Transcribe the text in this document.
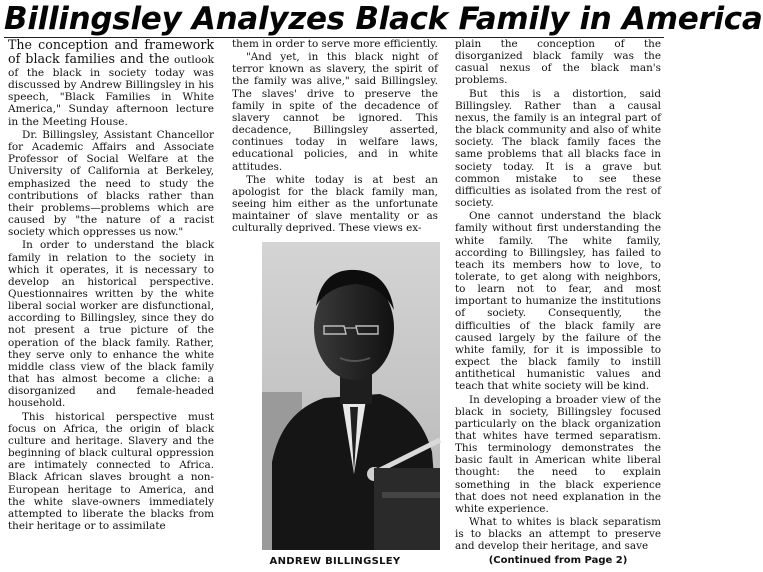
Billingsley Analyzes Black Family in America

The conception and framework of black families and the outlook of the black in society today was discussed by Andrew Billingsley in his speech, "Black Families in White America," Sunday afternoon lecture in the Meeting House.

Dr. Billingsley, Assistant Chancellor for Academic Affairs and Associate Professor of Social Welfare at the University of California at Berkeley, emphasized the need to study the contributions of blacks rather than their problems—problems which are caused by "the nature of a racist society which oppresses us now."

In order to understand the black family in relation to the society in which it operates, it is necessary to develop an historical perspective. Questionnaires written by the white liberal social worker are disfunctional, according to Billingsley, since they do not present a true picture of the operation of the black family. Rather, they serve only to enhance the white middle class view of the black family that has almost become a cliche: a disorganized and female-headed household.

This historical perspective must focus on Africa, the origin of black culture and heritage. Slavery and the beginning of black cultural oppression are intimately connected to Africa. Black African slaves brought a non-European heritage to America, and the white slave-owners immediately attempted to liberate the blacks from their heritage or to assimilate

them in order to serve more efficiently.

"And yet, in this black night of terror known as slavery, the spirit of the family was alive," said Billingsley. The slaves' drive to preserve the family in spite of the decadence of slavery cannot be ignored. This decadence, Billingsley asserted, continues today in welfare laws, educational policies, and in white attitudes.

The white today is at best an apologist for the black family man, seeing him either as the unfortunate maintainer of slave mentality or as culturally deprived. These views ex-

ANDREW BILLINGSLEY

plain the conception of the disorganized black family was the casual nexus of the black man's problems.

But this is a distortion, said Billingsley. Rather than a causal nexus, the family is an integral part of the black community and also of white society. The black family faces the same problems that all blacks face in society today. It is a grave but common mistake to see these difficulties as isolated from the rest of society.

One cannot understand the black family without first understanding the white family. The white family, according to Billingsley, has failed to teach its members how to love, to tolerate, to get along with neighbors, to learn not to fear, and most important to humanize the institutions of society. Consequently, the difficulties of the black family are caused largely by the failure of the white family, for it is impossible to expect the black family to instill antithetical humanistic values and teach that white society will be kind.

In developing a broader view of the black in society, Billingsley focused particularly on the black organization that whites have termed separatism. This terminology demonstrates the basic fault in American white liberal thought: the need to explain something in the black experience that does not need explanation in the white experience.

What to whites is black separatism is to blacks an attempt to preserve and develop their heritage, and save

(Continued from Page 2)
